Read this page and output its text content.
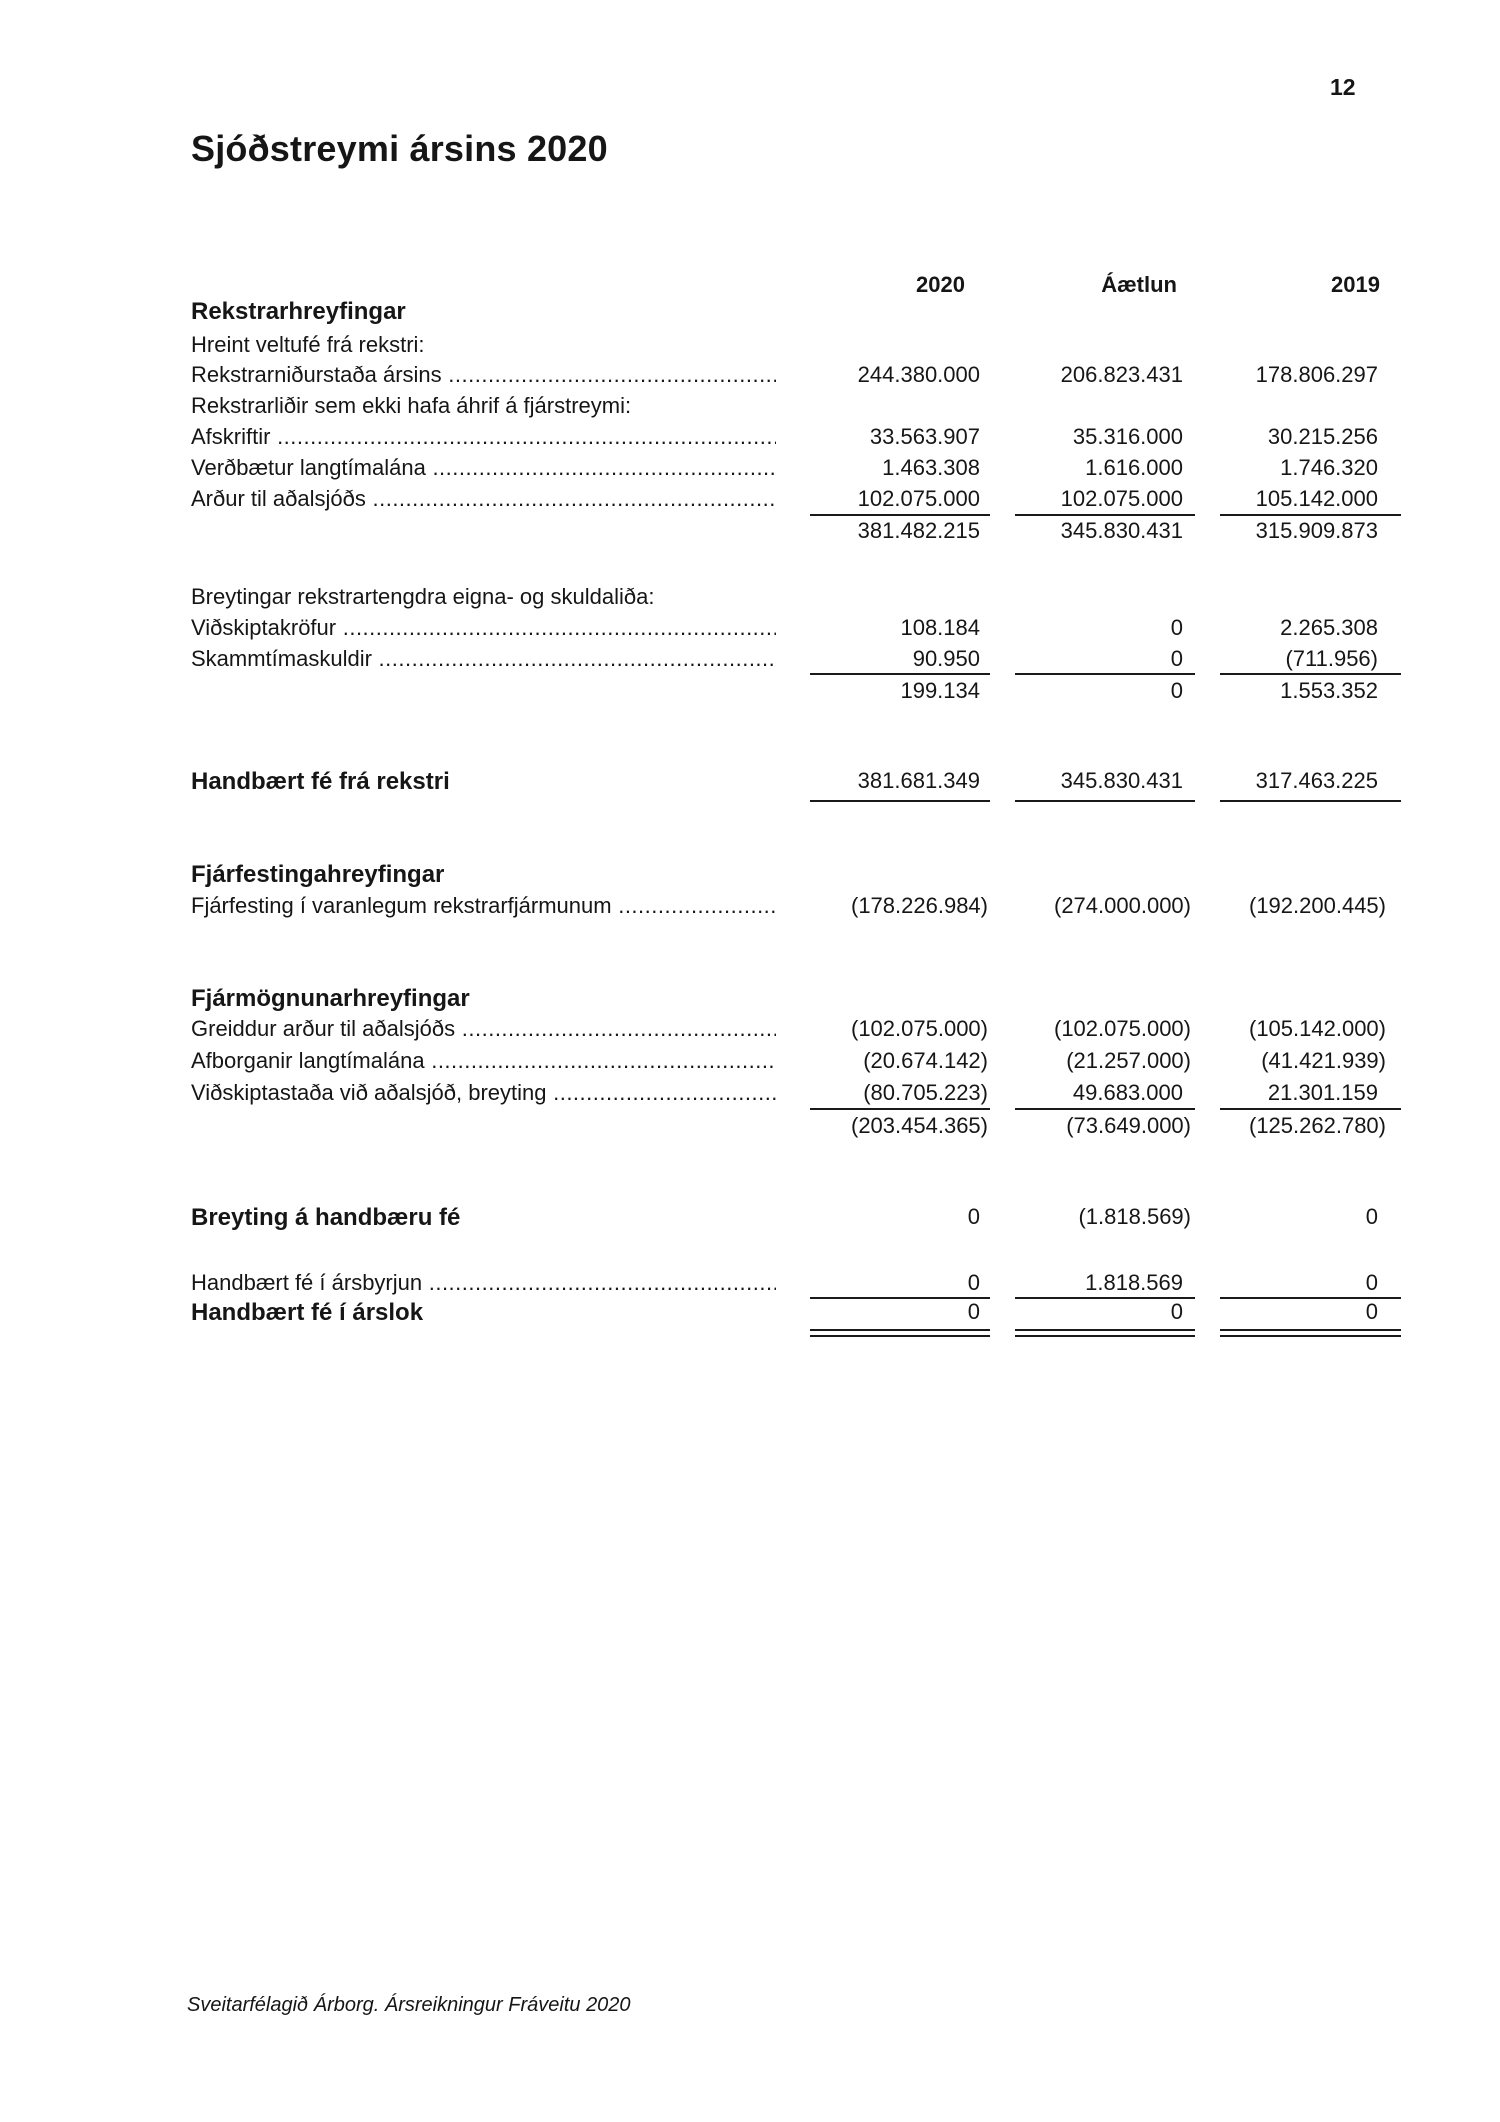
12
Sjóðstreymi ársins 2020
2020	Áætlun	2019
Rekstrarhreyfingar
Hreint veltufé frá rekstri:
Rekstrarniðurstaða ársins .....	244.380.000	206.823.431	178.806.297
Rekstrarliðir sem ekki hafa áhrif á fjárstreymi:
Afskriftir .....	33.563.907	35.316.000	30.215.256
Verðbætur langtímalána .....	1.463.308	1.616.000	1.746.320
Arður til aðalsjóðs .....	102.075.000	102.075.000	105.142.000
381.482.215	345.830.431	315.909.873
Breytingar rekstrartengdra eigna- og skuldaliða:
Viðskiptakröfur .....	108.184	0	2.265.308
Skammtímaskuldir .....	90.950	0	(711.956)
199.134	0	1.553.352
Handbært fé frá rekstri	381.681.349	345.830.431	317.463.225
Fjárfestingahreyfingar
Fjárfesting í varanlegum rekstrarfjármunum .....	(178.226.984)	(274.000.000)	(192.200.445)
Fjármögnunarhreyfingar
Greiddur arður til aðalsjóðs .....	(102.075.000)	(102.075.000)	(105.142.000)
Afborganir langtímalána .....	(20.674.142)	(21.257.000)	(41.421.939)
Viðskiptastaða við aðalsjóð, breyting .....	(80.705.223)	49.683.000	21.301.159
(203.454.365)	(73.649.000)	(125.262.780)
Breyting á handbæru fé	0	(1.818.569)	0
Handbært fé í ársbyrjun .....	0	1.818.569	0
Handbært fé í árslok	0	0	0
Sveitarfélagið Árborg. Ársreikningur Fráveitu 2020
